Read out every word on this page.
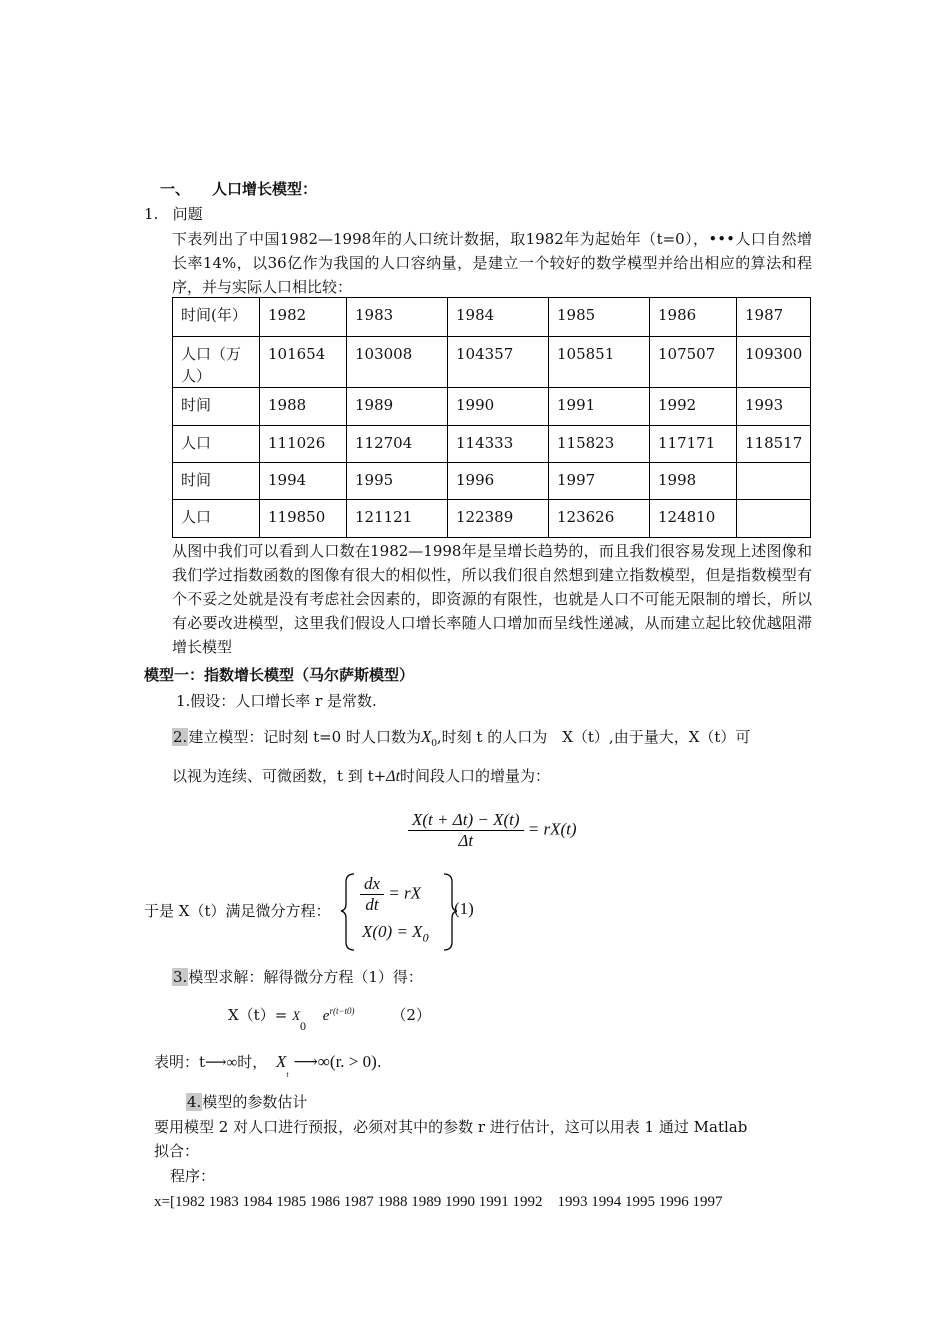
一、 人口增长模型：
1.   问题
下表列出了中国1982—1998年的人口统计数据，取1982年为起始年（t=0），•••人口自然增长率14%，以36亿作为我国的人口容纳量，是建立一个较好的数学模型并给出相应的算法和程序，并与实际人口相比较：
时间(年）	1982	1983	1984	1985	1986	1987
人口（万人）	101654	103008	104357	105851	107507	109300
时间	1988	1989	1990	1991	1992	1993
人口	111026	112704	114333	115823	117171	118517
时间	1994	1995	1996	1997	1998	
人口	119850	121121	122389	123626	124810	
从图中我们可以看到人口数在1982—1998年是呈增长趋势的，而且我们很容易发现上述图像和我们学过指数函数的图像有很大的相似性，所以我们很自然想到建立指数模型，但是指数模型有个不妥之处就是没有考虑社会因素的，即资源的有限性，也就是人口不可能无限制的增长，所以有必要改进模型，这里我们假设人口增长率随人口增加而呈线性递减，从而建立起比较优越阻滞增长模型
模型一：指数增长模型（马尔萨斯模型）
1.假设：人口增长率 r 是常数.
2.建立模型：记时刻 t=0 时人口数为$X_0$,时刻 t 的人口为　X（t）,由于量大，X（t）可
以视为连续、可微函数，t 到 t+Δt时间段人口的增量为：
$\frac{X(t + \Delta t) - X(t)}{\Delta t} = rX(t)$
于是 X（t）满足微分方程： $\frac{dx}{dt}$ = rX
$X(0) = X_0$
(1)
3.模型求解：解得微分方程（1）得：
$X(t)= X_0$ $e^{r(t-t0)}$ （2）
表明：t⟶∞时， $X_t$ ⟶∞(r. > 0).
4.模型的参数估计
要用模型 2 对人口进行预报，必须对其中的参数 r 进行估计，这可以用表 1 通过 Matlab
拟合：
程序：
x=[1982 1983 1984 1985 1986 1987 1988 1989 1990 1991 1992　1993 1994 1995 1996 1997
